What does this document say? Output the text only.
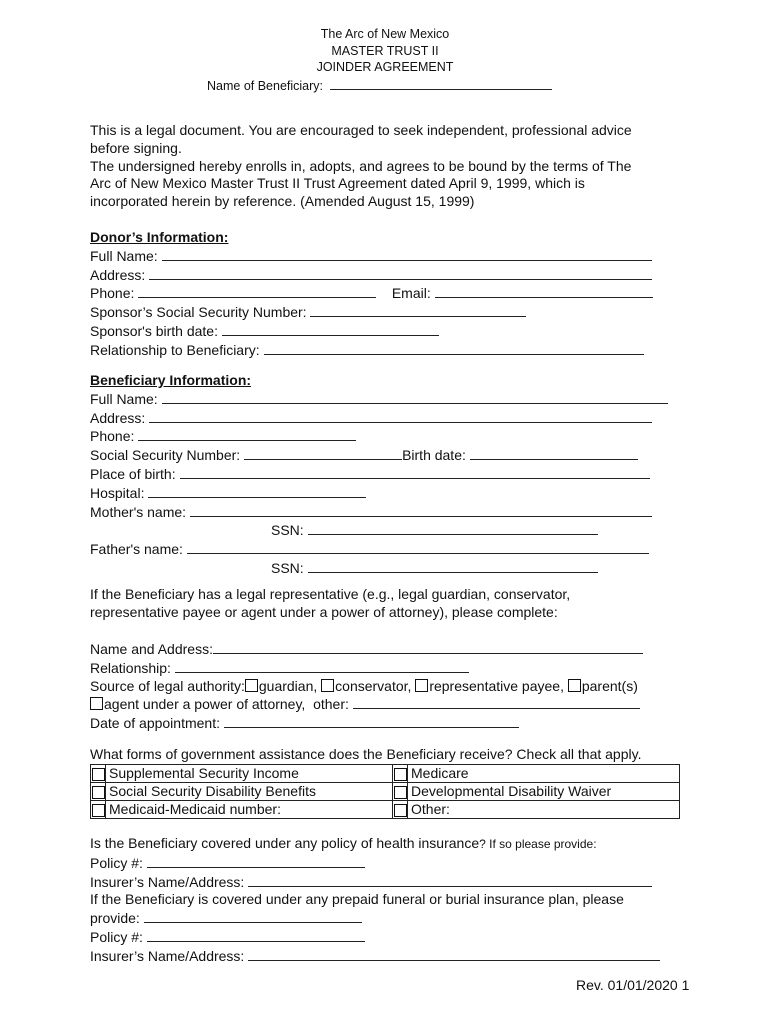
The Arc of New Mexico
MASTER TRUST II
JOINDER AGREEMENT
Name of Beneficiary:
This is a legal document. You are encouraged to seek independent, professional advice
before signing.
The undersigned hereby enrolls in, adopts, and agrees to be bound by the terms of The
Arc of New Mexico Master Trust II Trust Agreement dated April 9, 1999, which is
incorporated herein by reference. (Amended August 15, 1999)
Donor’s Information:
Full Name:
Address:
Phone:	Email:
Sponsor’s Social Security Number:
Sponsor's birth date:
Relationship to Beneficiary:
Beneficiary Information:
Full Name:
Address:
Phone:
Social Security Number:	Birth date:
Place of birth:
Hospital:
Mother's name:
SSN:
Father's name:
SSN:
If the Beneficiary has a legal representative (e.g., legal guardian, conservator,
representative payee or agent under a power of attorney), please complete:
Name and Address:
Relationship:
Source of legal authority: guardian, conservator, representative payee, parent(s)
agent under a power of attorney,  other:
Date of appointment:
What forms of government assistance does the Beneficiary receive? Check all that apply.
	Supplemental Security Income		Medicare
	Social Security Disability Benefits		Developmental Disability Waiver
	Medicaid-Medicaid number:		Other:
Is the Beneficiary covered under any policy of health insurance? If so please provide:
Policy #:
Insurer’s Name/Address:
If the Beneficiary is covered under any prepaid funeral or burial insurance plan, please
provide:
Policy #:
Insurer’s Name/Address:
Rev. 01/01/2020 1
